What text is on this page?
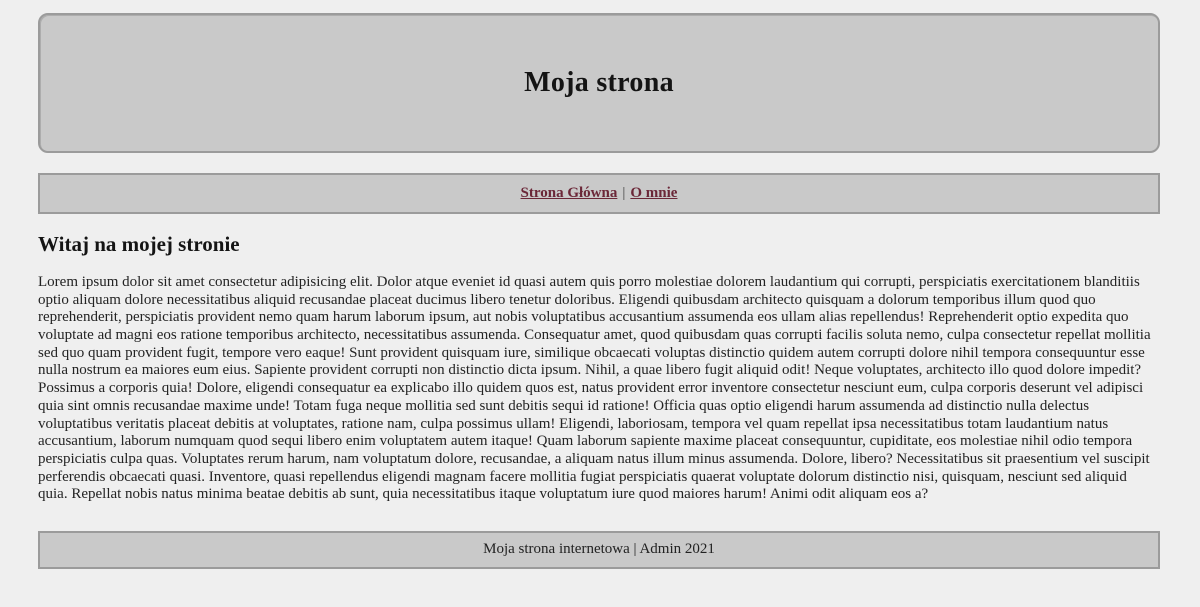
Moja strona
Strona Główna | O mnie
Witaj na mojej stronie

Lorem ipsum dolor sit amet consectetur adipisicing elit. Dolor atque eveniet id quasi autem quis porro molestiae dolorem laudantium qui corrupti, perspiciatis exercitationem blanditiis optio aliquam dolore necessitatibus aliquid recusandae placeat ducimus libero tenetur doloribus. Eligendi quibusdam architecto quisquam a dolorum temporibus illum quod quo reprehenderit, perspiciatis provident nemo quam harum laborum ipsum, aut nobis voluptatibus accusantium assumenda eos ullam alias repellendus! Reprehenderit optio expedita quo voluptate ad magni eos ratione temporibus architecto, necessitatibus assumenda. Consequatur amet, quod quibusdam quas corrupti facilis soluta nemo, culpa consectetur repellat mollitia sed quo quam provident fugit, tempore vero eaque! Sunt provident quisquam iure, similique obcaecati voluptas distinctio quidem autem corrupti dolore nihil tempora consequuntur esse nulla nostrum ea maiores eum eius. Sapiente provident corrupti non distinctio dicta ipsum. Nihil, a quae libero fugit aliquid odit! Neque voluptates, architecto illo quod dolore impedit? Possimus a corporis quia! Dolore, eligendi consequatur ea explicabo illo quidem quos est, natus provident error inventore consectetur nesciunt eum, culpa corporis deserunt vel adipisci quia sint omnis recusandae maxime unde! Totam fuga neque mollitia sed sunt debitis sequi id ratione! Officia quas optio eligendi harum assumenda ad distinctio nulla delectus voluptatibus veritatis placeat debitis at voluptates, ratione nam, culpa possimus ullam! Eligendi, laboriosam, tempora vel quam repellat ipsa necessitatibus totam laudantium natus accusantium, laborum numquam quod sequi libero enim voluptatem autem itaque! Quam laborum sapiente maxime placeat consequuntur, cupiditate, eos molestiae nihil odio tempora perspiciatis culpa quas. Voluptates rerum harum, nam voluptatum dolore, recusandae, a aliquam natus illum minus assumenda. Dolore, libero? Necessitatibus sit praesentium vel suscipit perferendis obcaecati quasi. Inventore, quasi repellendus eligendi magnam facere mollitia fugiat perspiciatis quaerat voluptate dolorum distinctio nisi, quisquam, nesciunt sed aliquid quia. Repellat nobis natus minima beatae debitis ab sunt, quia necessitatibus itaque voluptatum iure quod maiores harum! Animi odit aliquam eos a?

Moja strona internetowa | Admin 2021
